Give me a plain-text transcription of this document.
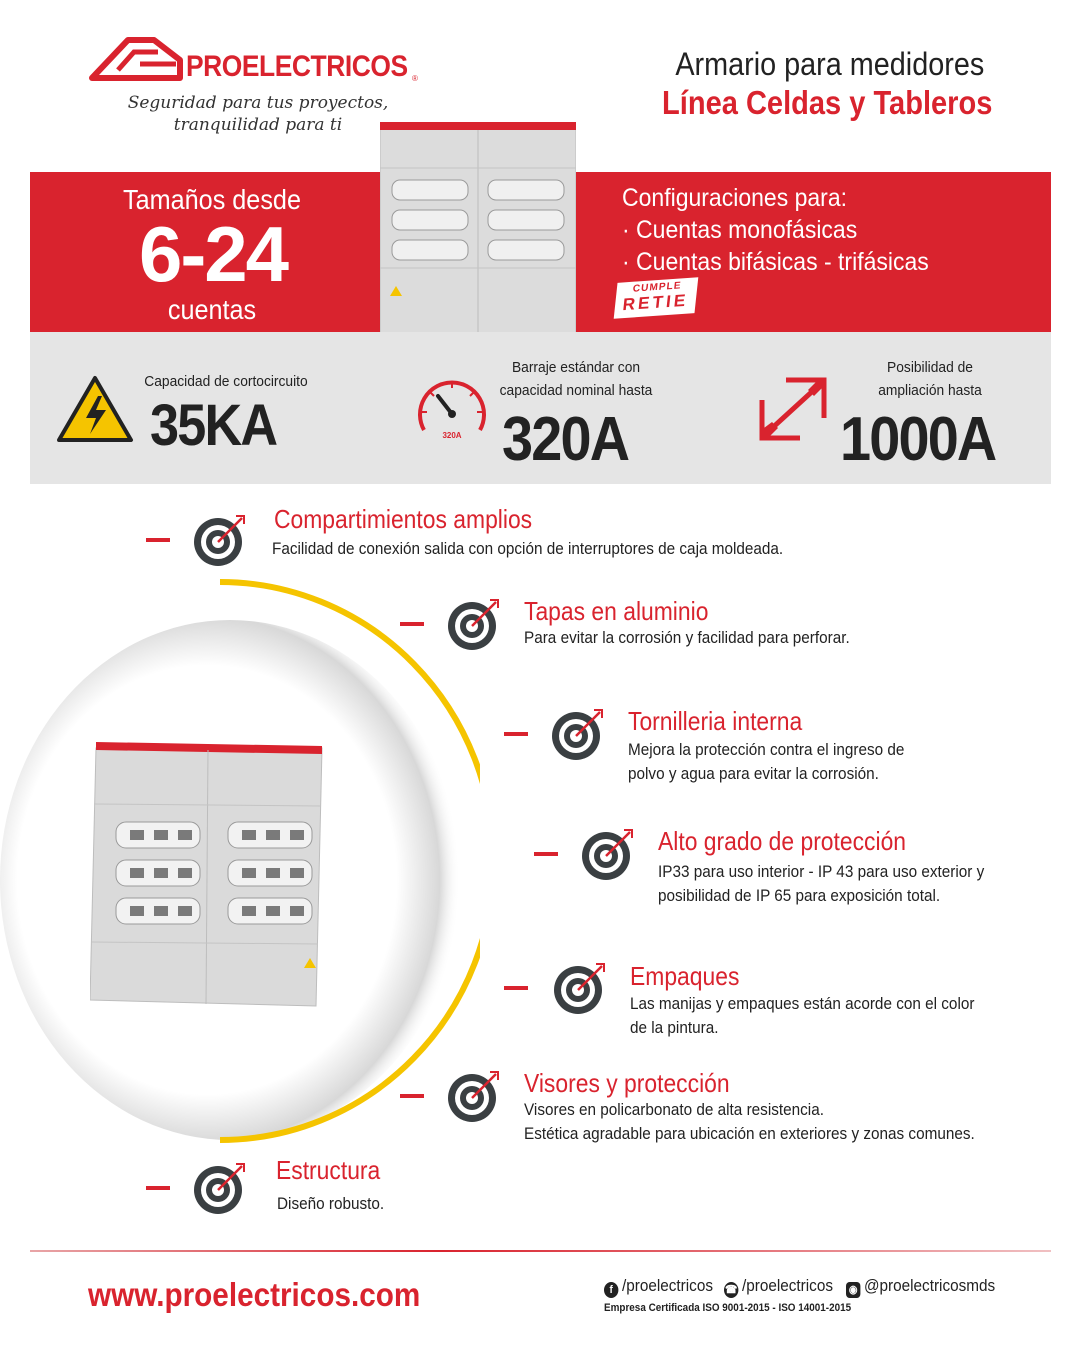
PROELECTRICOS ®
Seguridad para tus proyectos,
tranquilidad para ti
Armario para medidores
Línea Celdas y Tableros
Tamaños desde
6-24
cuentas
Configuraciones para:
· Cuentas monofásicas
· Cuentas bifásicas - trifásicas
CUMPLE
RETIE
Capacidad de cortocircuito
35KA	320A
Barraje estándar con
capacidad nominal hasta
320A
Posibilidad de
ampliación hasta
1000A
Compartimientos amplios
Facilidad de conexión salida con opción de interruptores de caja moldeada.
Tapas en aluminio
Para evitar la corrosión y facilidad para perforar.
Tornilleria interna
Mejora la protección contra el ingreso de
polvo y agua para evitar la corrosión.
Alto grado de protección
IP33 para uso interior - IP 43 para uso exterior y
posibilidad de IP 65 para exposición total.
Empaques
Las manijas y empaques están acorde con el color
de la pintura.
Visores y protección
Visores en policarbonato de alta resistencia.
Estética agradable para ubicación en exteriores y zonas comunes.
Estructura
Diseño robusto.
www.proelectricos.com	f /proelectricos ☎ /proelectricos ◉ @proelectricosmds
Empresa Certificada ISO 9001-2015 - ISO 14001-2015
